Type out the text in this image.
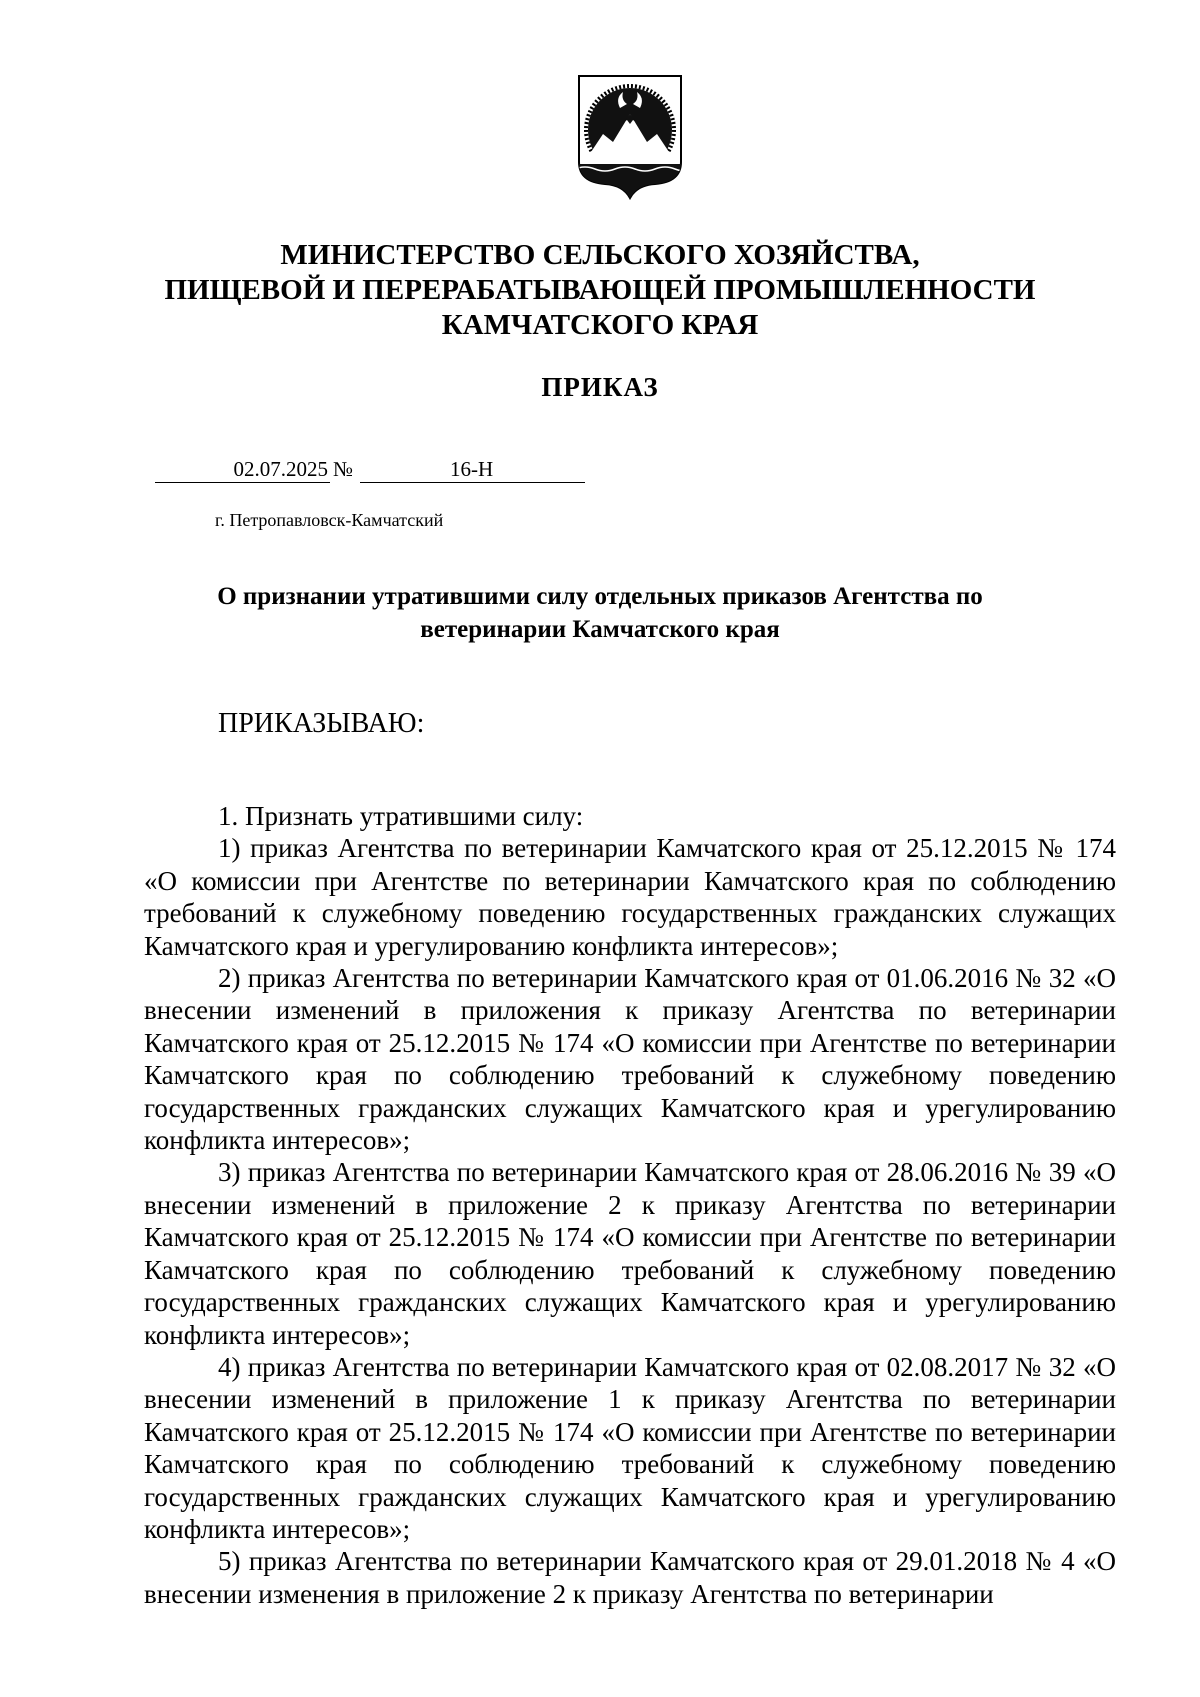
МИНИСТЕРСТВО СЕЛЬСКОГО ХОЗЯЙСТВА,
ПИЩЕВОЙ И ПЕРЕРАБАТЫВАЮЩЕЙ ПРОМЫШЛЕННОСТИ
КАМЧАТСКОГО КРАЯ
ПРИКАЗ
02.07.2025 №	16-Н
г. Петропавловск-Камчатский
О признании утратившими силу отдельных приказов Агентства по
ветеринарии Камчатского края
ПРИКАЗЫВАЮ:

1. Признать утратившими силу:

1) приказ Агентства по ветеринарии Камчатского края от 25.12.2015 № 174 «О комиссии при Агентстве по ветеринарии Камчатского края по соблюдению требований к служебному поведению государственных гражданских служащих Камчатского края и урегулированию конфликта интересов»;

2) приказ Агентства по ветеринарии Камчатского края от 01.06.2016 № 32 «О внесении изменений в приложения к приказу Агентства по ветеринарии Камчатского края от 25.12.2015 № 174 «О комиссии при Агентстве по ветеринарии Камчатского края по соблюдению требований к служебному поведению государственных гражданских служащих Камчатского края и урегулированию конфликта интересов»;

3) приказ Агентства по ветеринарии Камчатского края от 28.06.2016 № 39 «О внесении изменений в приложение 2 к приказу Агентства по ветеринарии Камчатского края от 25.12.2015 № 174 «О комиссии при Агентстве по ветеринарии Камчатского края по соблюдению требований к служебному поведению государственных гражданских служащих Камчатского края и урегулированию конфликта интересов»;

4) приказ Агентства по ветеринарии Камчатского края от 02.08.2017 № 32 «О внесении изменений в приложение 1 к приказу Агентства по ветеринарии Камчатского края от 25.12.2015 № 174 «О комиссии при Агентстве по ветеринарии Камчатского края по соблюдению требований к служебному поведению государственных гражданских служащих Камчатского края и урегулированию конфликта интересов»;

5) приказ Агентства по ветеринарии Камчатского края от 29.01.2018 № 4 «О внесении изменения в приложение 2 к приказу Агентства по ветеринарии
